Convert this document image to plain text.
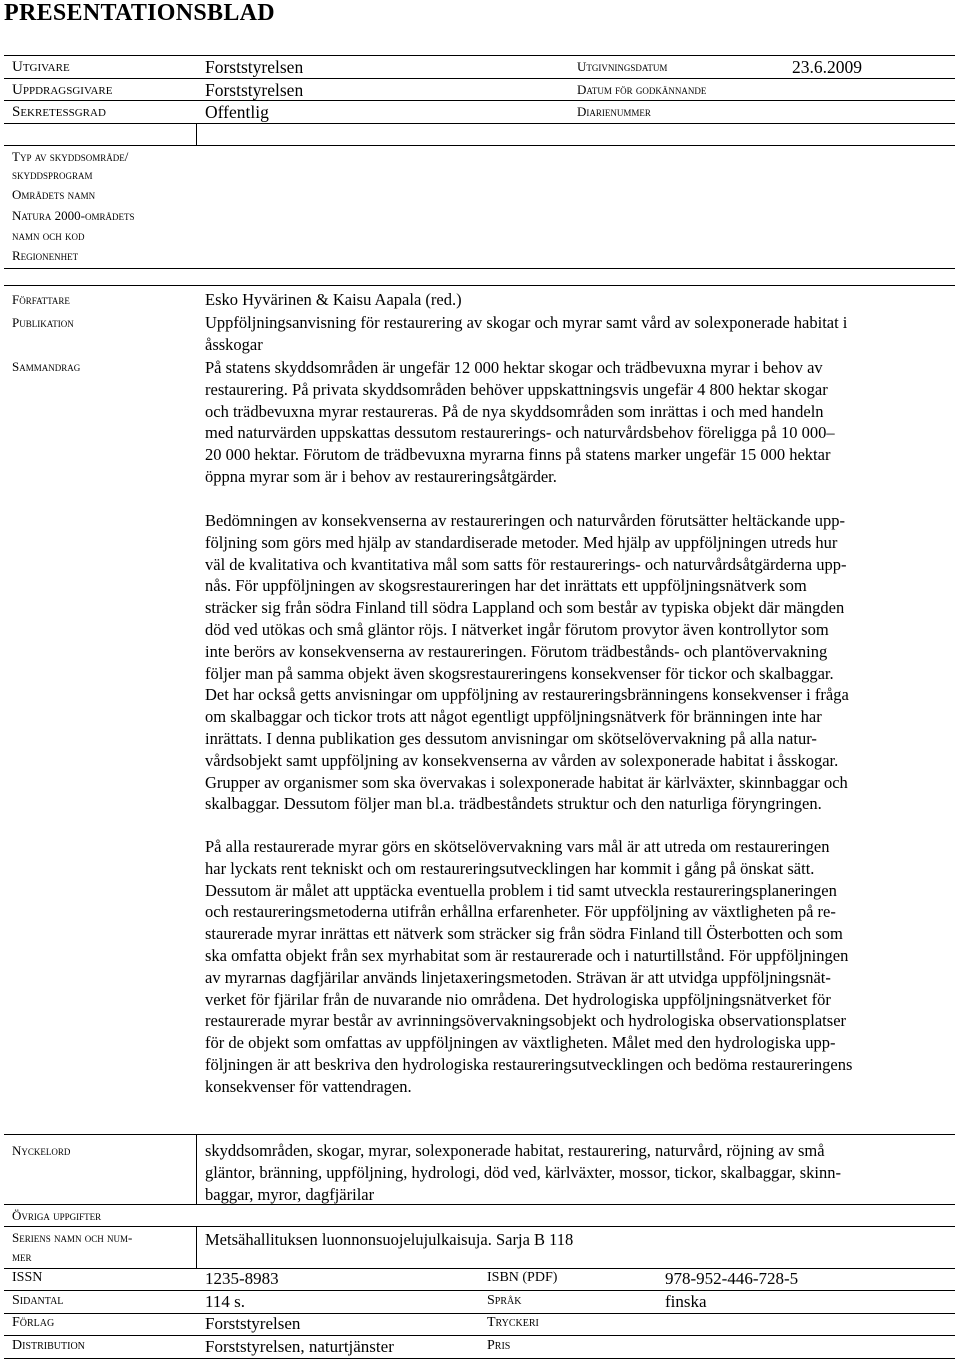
PRESENTATIONSBLAD
Utgivare	Forststyrelsen	Utgivningsdatum	23.6.2009
Uppdragsgivare	Forststyrelsen	Datum för godkännande
Sekretessgrad	Offentlig	Diarienummer
Typ av skyddsområde/
skyddsprogram
Områdets namn
Natura 2000-områdets
namn och kod
Regionenhet
Författare	Esko Hyvärinen & Kaisu Aapala (red.)
Publikation	Uppföljningsanvisning för restaurering av skogar och myrar samt vård av solexponerade habitat i
åsskogar
Sammandrag	På statens skyddsområden är ungefär 12 000 hektar skogar och trädbevuxna myrar i behov av
restaurering. På privata skyddsområden behöver uppskattningsvis ungefär 4 800 hektar skogar
och trädbevuxna myrar restaureras. På de nya skyddsområden som inrättas i och med handeln
med naturvärden uppskattas dessutom restaurerings- och naturvårdsbehov föreligga på 10 000–
20 000 hektar. Förutom de trädbevuxna myrarna finns på statens marker ungefär 15 000 hektar
öppna myrar som är i behov av restaureringsåtgärder.
Bedömningen av konsekvenserna av restaureringen och naturvården förutsätter heltäckande upp-
följning som görs med hjälp av standardiserade metoder. Med hjälp av uppföljningen utreds hur
väl de kvalitativa och kvantitativa mål som satts för restaurerings- och naturvårdsåtgärderna upp-
nås. För uppföljningen av skogsrestaureringen har det inrättats ett uppföljningsnätverk som
sträcker sig från södra Finland till södra Lappland och som består av typiska objekt där mängden
död ved utökas och små gläntor röjs. I nätverket ingår förutom provytor även kontrollytor som
inte berörs av konsekvenserna av restaureringen. Förutom trädbestånds- och plantövervakning
följer man på samma objekt även skogsrestaureringens konsekvenser för tickor och skalbaggar.
Det har också getts anvisningar om uppföljning av restaureringsbränningens konsekvenser i fråga
om skalbaggar och tickor trots att något egentligt uppföljningsnätverk för bränningen inte har
inrättats. I denna publikation ges dessutom anvisningar om skötselövervakning på alla natur-
vårdsobjekt samt uppföljning av konsekvenserna av vården av solexponerade habitat i åsskogar.
Grupper av organismer som ska övervakas i solexponerade habitat är kärlväxter, skinnbaggar och
skalbaggar. Dessutom följer man bl.a. trädbeståndets struktur och den naturliga föryngringen.
På alla restaurerade myrar görs en skötselövervakning vars mål är att utreda om restaureringen
har lyckats rent tekniskt och om restaureringsutvecklingen har kommit i gång på önskat sätt.
Dessutom är målet att upptäcka eventuella problem i tid samt utveckla restaureringsplaneringen
och restaureringsmetoderna utifrån erhållna erfarenheter. För uppföljning av växtligheten på re-
staurerade myrar inrättas ett nätverk som sträcker sig från södra Finland till Österbotten och som
ska omfatta objekt från sex myrhabitat som är restaurerade och i naturtillstånd. För uppföljningen
av myrarnas dagfjärilar används linjetaxeringsmetoden. Strävan är att utvidga uppföljningsnät-
verket för fjärilar från de nuvarande nio områdena. Det hydrologiska uppföljningsnätverket för
restaurerade myrar består av avrinningsövervakningsobjekt och hydrologiska observationsplatser
för de objekt som omfattas av uppföljningen av växtligheten. Målet med den hydrologiska upp-
följningen är att beskriva den hydrologiska restaureringsutvecklingen och bedöma restaureringens
konsekvenser för vattendragen.
Nyckelord	skyddsområden, skogar, myrar, solexponerade habitat, restaurering, naturvård, röjning av små
gläntor, bränning, uppföljning, hydrologi, död ved, kärlväxter, mossor, tickor, skalbaggar, skinn-
baggar, myror, dagfjärilar
Övriga uppgifter
Seriens namn och num-
mer
Metsähallituksen luonnonsuojelujulkaisuja. Sarja B 118
ISSN	1235-8983	ISBN (PDF)	978-952-446-728-5
Sidantal	114 s.	Språk	finska
Förlag	Forststyrelsen	Tryckeri
Distribution	Forststyrelsen, naturtjänster	Pris
